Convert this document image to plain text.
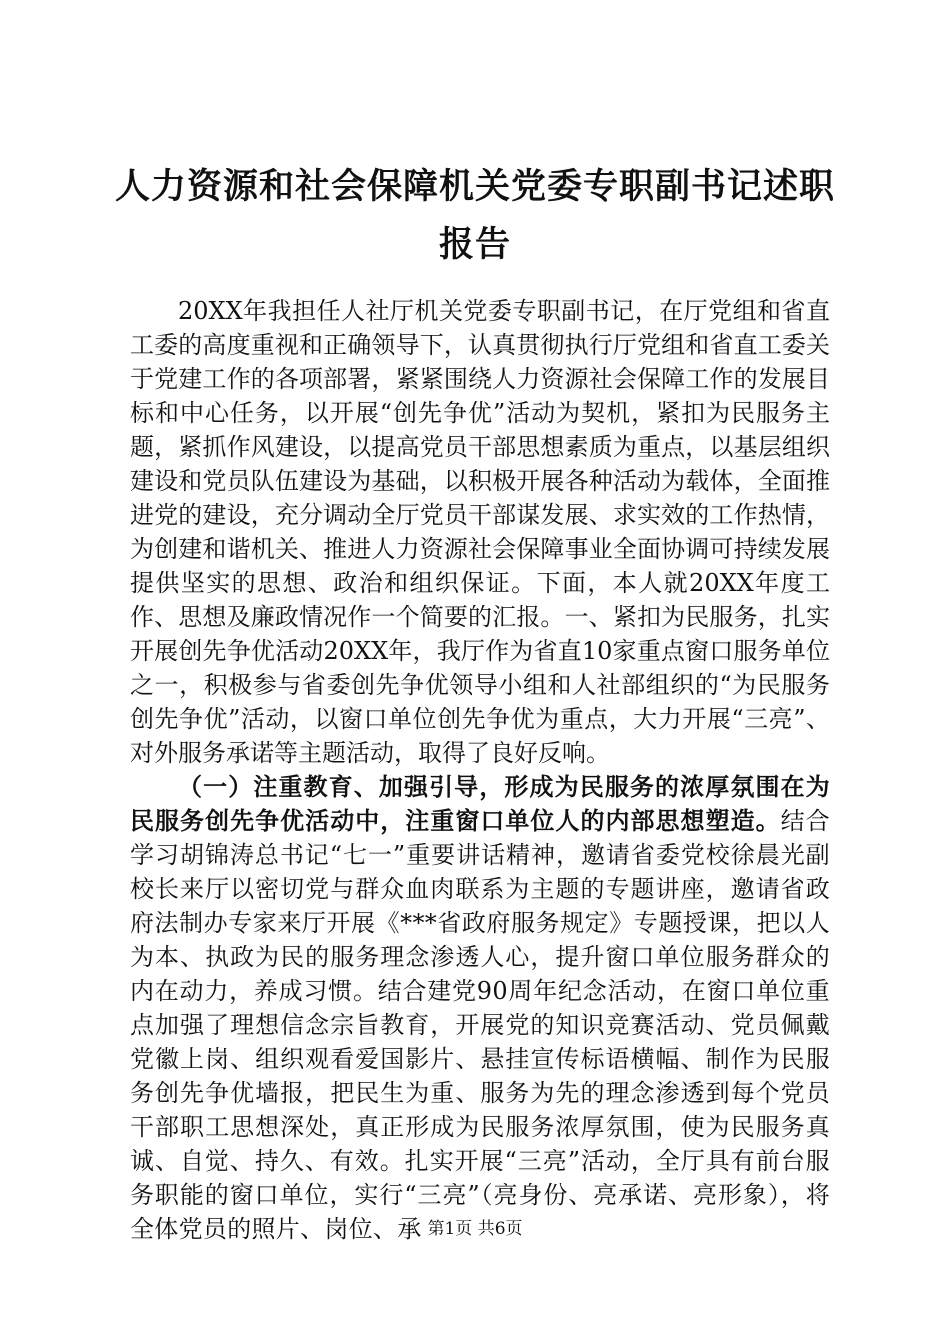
人力资源和社会保障机关党委专职副书记述职报告

20XX年我担任人社厅机关党委专职副书记，在厅党组和省直工委的高度重视和正确领导下，认真贯彻执行厅党组和省直工委关于党建工作的各项部署，紧紧围绕人力资源社会保障工作的发展目标和中心任务，以开展“创先争优”活动为契机，紧扣为民服务主题，紧抓作风建设，以提高党员干部思想素质为重点，以基层组织建设和党员队伍建设为基础，以积极开展各种活动为载体，全面推进党的建设，充分调动全厅党员干部谋发展、求实效的工作热情，为创建和谐机关、推进人力资源社会保障事业全面协调可持续发展提供坚实的思想、政治和组织保证。下面，本人就20XX年度工作、思想及廉政情况作一个简要的汇报。一、紧扣为民服务，扎实开展创先争优活动20XX年，我厅作为省直10家重点窗口服务单位之一，积极参与省委创先争优领导小组和人社部组织的“为民服务创先争优”活动，以窗口单位创先争优为重点，大力开展“三亮”、对外服务承诺等主题活动，取得了良好反响。

（一）注重教育、加强引导，形成为民服务的浓厚氛围在为民服务创先争优活动中，注重窗口单位人的内部思想塑造。结合学习胡锦涛总书记“七一”重要讲话精神，邀请省委党校徐晨光副校长来厅以密切党与群众血肉联系为主题的专题讲座，邀请省政府法制办专家来厅开展《***省政府服务规定》专题授课，把以人为本、执政为民的服务理念渗透人心，提升窗口单位服务群众的内在动力，养成习惯。结合建党90周年纪念活动，在窗口单位重点加强了理想信念宗旨教育，开展党的知识竞赛活动、党员佩戴党徽上岗、组织观看爱国影片、悬挂宣传标语横幅、制作为民服务创先争优墙报，把民生为重、服务为先的理念渗透到每个党员干部职工思想深处，真正形成为民服务浓厚氛围，使为民服务真诚、自觉、持久、有效。扎实开展“三亮”活动，全厅具有前台服务职能的窗口单位，实行“三亮”（亮身份、亮承诺、亮形象），将全体党员的照片、岗位、承 第1页 共6页
